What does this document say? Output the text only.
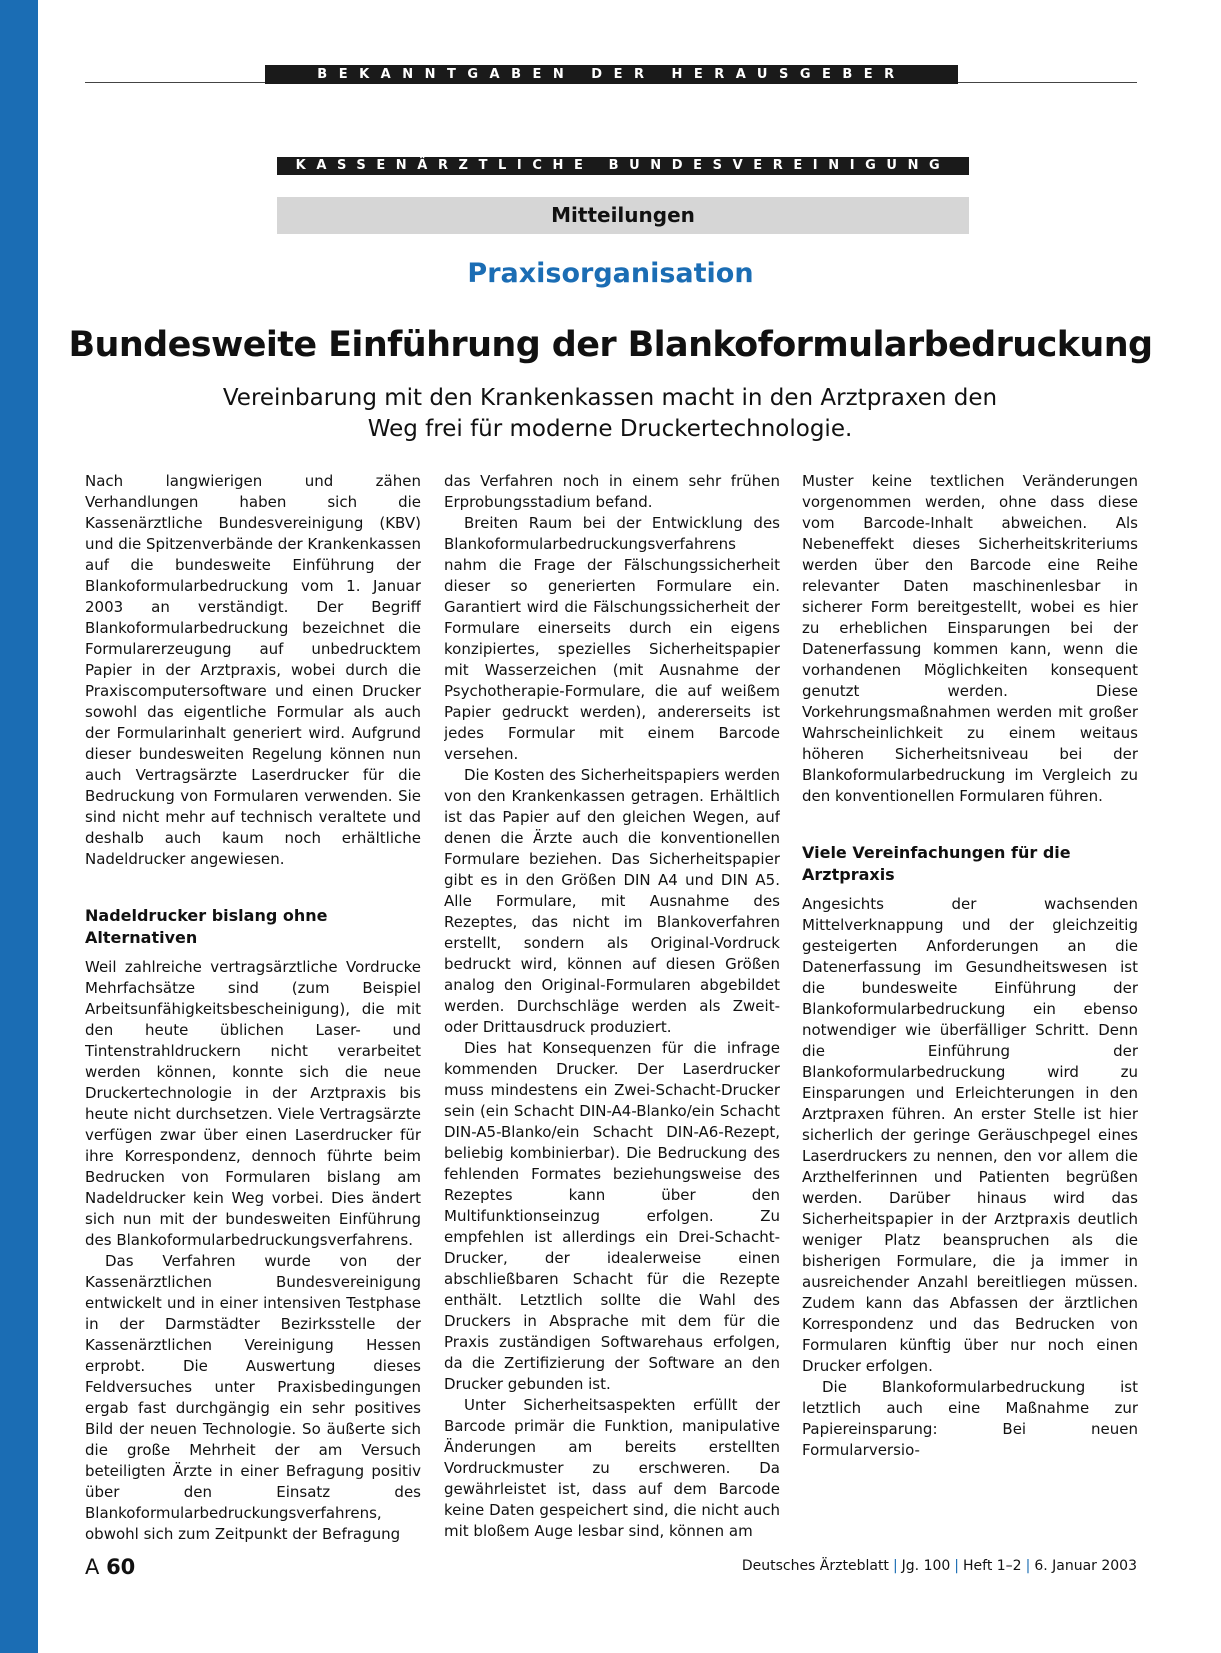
BEKANNTGABEN DER HERAUSGEBER
KASSENÄRZTLICHE BUNDESVEREINIGUNG
Mitteilungen
Praxisorganisation
Bundesweite Einführung der Blankoformularbedruckung
Vereinbarung mit den Krankenkassen macht in den Arztpraxen den Weg frei für moderne Druckertechnologie.

Nach langwierigen und zähen Verhandlungen haben sich die Kassenärztliche Bundesvereinigung (KBV) und die Spitzenverbände der Krankenkassen auf die bundesweite Einführung der Blankoformularbedruckung vom 1. Januar 2003 an verständigt. Der Begriff Blankoformularbedruckung bezeichnet die Formularerzeugung auf unbedrucktem Papier in der Arztpraxis, wobei durch die Praxiscomputersoftware und einen Drucker sowohl das eigentliche Formular als auch der Formularinhalt generiert wird. Aufgrund dieser bundesweiten Regelung können nun auch Vertragsärzte Laserdrucker für die Bedruckung von Formularen verwenden. Sie sind nicht mehr auf technisch veraltete und deshalb auch kaum noch erhältliche Nadeldrucker angewiesen.

Nadeldrucker bislang ohne Alternativen

Weil zahlreiche vertragsärztliche Vordrucke Mehrfachsätze sind (zum Beispiel Arbeitsunfähigkeitsbescheinigung), die mit den heute üblichen Laser- und Tintenstrahldruckern nicht verarbeitet werden können, konnte sich die neue Druckertechnologie in der Arztpraxis bis heute nicht durchsetzen. Viele Vertragsärzte verfügen zwar über einen Laserdrucker für ihre Korrespondenz, dennoch führte beim Bedrucken von Formularen bislang am Nadeldrucker kein Weg vorbei. Dies ändert sich nun mit der bundesweiten Einführung des Blankoformularbedruckungsverfahrens.

Das Verfahren wurde von der Kassenärztlichen Bundesvereinigung entwickelt und in einer intensiven Testphase in der Darmstädter Bezirksstelle der Kassenärztlichen Vereinigung Hessen erprobt. Die Auswertung dieses Feldversuches unter Praxisbedingungen ergab fast durchgängig ein sehr positives Bild der neuen Technologie. So äußerte sich die große Mehrheit der am Versuch beteiligten Ärzte in einer Befragung positiv über den Einsatz des Blankoformularbedruckungsverfahrens, obwohl sich zum Zeitpunkt der Befragung

das Verfahren noch in einem sehr frühen Erprobungsstadium befand.

Breiten Raum bei der Entwicklung des Blankoformularbedruckungsverfahrens nahm die Frage der Fälschungssicherheit dieser so generierten Formulare ein. Garantiert wird die Fälschungssicherheit der Formulare einerseits durch ein eigens konzipiertes, spezielles Sicherheitspapier mit Wasserzeichen (mit Ausnahme der Psychotherapie-Formulare, die auf weißem Papier gedruckt werden), andererseits ist jedes Formular mit einem Barcode versehen.

Die Kosten des Sicherheitspapiers werden von den Krankenkassen getragen. Erhältlich ist das Papier auf den gleichen Wegen, auf denen die Ärzte auch die konventionellen Formulare beziehen. Das Sicherheitspapier gibt es in den Größen DIN A4 und DIN A5. Alle Formulare, mit Ausnahme des Rezeptes, das nicht im Blankoverfahren erstellt, sondern als Original-Vordruck bedruckt wird, können auf diesen Größen analog den Original-Formularen abgebildet werden. Durchschläge werden als Zweit- oder Drittausdruck produziert.

Dies hat Konsequenzen für die infrage kommenden Drucker. Der Laserdrucker muss mindestens ein Zwei-Schacht-Drucker sein (ein Schacht DIN-A4-Blanko/ein Schacht DIN-A5-Blanko/ein Schacht DIN-A6-Rezept, beliebig kombinierbar). Die Bedruckung des fehlenden Formates beziehungsweise des Rezeptes kann über den Multifunktionseinzug erfolgen. Zu empfehlen ist allerdings ein Drei-Schacht-Drucker, der idealerweise einen abschließbaren Schacht für die Rezepte enthält. Letztlich sollte die Wahl des Druckers in Absprache mit dem für die Praxis zuständigen Softwarehaus erfolgen, da die Zertifizierung der Software an den Drucker gebunden ist.

Unter Sicherheitsaspekten erfüllt der Barcode primär die Funktion, manipulative Änderungen am bereits erstellten Vordruckmuster zu erschweren. Da gewährleistet ist, dass auf dem Barcode keine Daten gespeichert sind, die nicht auch mit bloßem Auge lesbar sind, können am

Muster keine textlichen Veränderungen vorgenommen werden, ohne dass diese vom Barcode-Inhalt abweichen. Als Nebeneffekt dieses Sicherheitskriteriums werden über den Barcode eine Reihe relevanter Daten maschinenlesbar in sicherer Form bereitgestellt, wobei es hier zu erheblichen Einsparungen bei der Datenerfassung kommen kann, wenn die vorhandenen Möglichkeiten konsequent genutzt werden. Diese Vorkehrungsmaßnahmen werden mit großer Wahrscheinlichkeit zu einem weitaus höheren Sicherheitsniveau bei der Blankoformularbedruckung im Vergleich zu den konventionellen Formularen führen.

Viele Vereinfachungen für die Arztpraxis

Angesichts der wachsenden Mittelverknappung und der gleichzeitig gesteigerten Anforderungen an die Datenerfassung im Gesundheitswesen ist die bundesweite Einführung der Blankoformularbedruckung ein ebenso notwendiger wie überfälliger Schritt. Denn die Einführung der Blankoformularbedruckung wird zu Einsparungen und Erleichterungen in den Arztpraxen führen. An erster Stelle ist hier sicherlich der geringe Geräuschpegel eines Laserdruckers zu nennen, den vor allem die Arzthelferinnen und Patienten begrüßen werden. Darüber hinaus wird das Sicherheitspapier in der Arztpraxis deutlich weniger Platz beanspruchen als die bisherigen Formulare, die ja immer in ausreichender Anzahl bereitliegen müssen. Zudem kann das Abfassen der ärztlichen Korrespondenz und das Bedrucken von Formularen künftig über nur noch einen Drucker erfolgen.

Die Blankoformularbedruckung ist letztlich auch eine Maßnahme zur Papiereinsparung: Bei neuen Formularversio-

A 60	Deutsches Ärzteblatt | Jg. 100 | Heft 1–2 | 6. Januar 2003
